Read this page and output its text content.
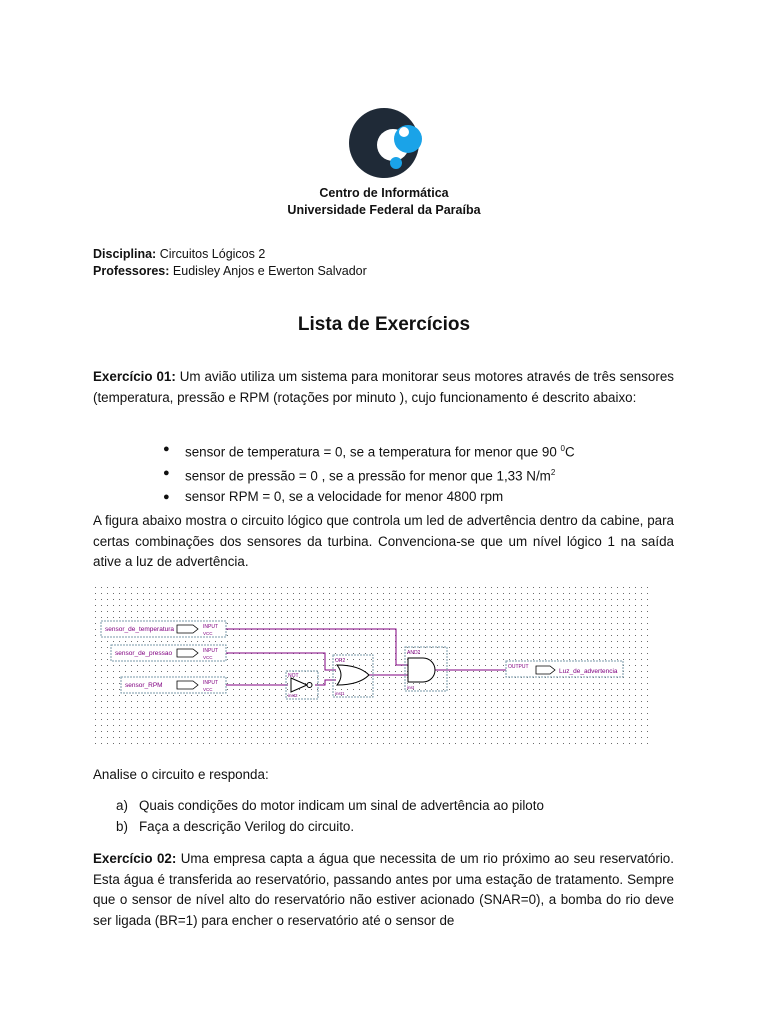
Centro de Informática
Universidade Federal da Paraíba
Disciplina: Circuitos Lógicos 2
Professores: Eudisley Anjos e Ewerton Salvador
Lista de Exercícios
Exercício 01: Um avião utiliza um sistema para monitorar seus motores através de três sensores (temperatura, pressão e RPM (rotações por minuto ), cujo funcionamento é descrito abaixo:
● sensor de temperatura = 0, se a temperatura for menor que 90 $^0$C
● sensor de pressão = 0 , se a pressão for menor que 1,33 $N/m^2$
● sensor RPM = 0, se a velocidade for menor 4800 rpm
A figura abaixo mostra o circuito lógico que controla um led de advertência dentro da cabine, para certas combinações dos sensores da turbina. Convenciona-se que um nível lógico 1 na saída ative a luz de advertência.
sensor_de_temperatura	INPUT
VCC
sensor_de_pressao	INPUT
VCC
sensor_RPM	INPUT
VCC
NOT
inst2
OR2
inst1
AND2
inst
OUTPUT
Luz_de_advertencia
Analise o circuito e responda:
a) Quais condições do motor indicam um sinal de advertência ao piloto
b) Faça a descrição Verilog do circuito.
Exercício 02: Uma empresa capta a água que necessita de um rio próximo ao seu reservatório. Esta água é transferida ao reservatório, passando antes por uma estação de tratamento. Sempre que o sensor de nível alto do reservatório não estiver acionado (SNAR=0), a bomba do rio deve ser ligada (BR=1) para encher o reservatório até o sensor de
